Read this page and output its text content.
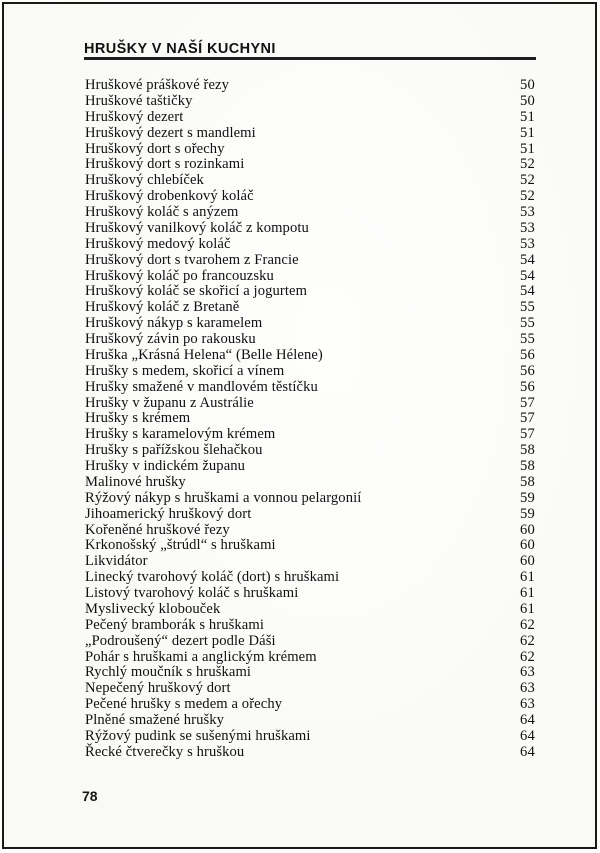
HRUŠKY V NAŠÍ KUCHYNI
Hruškové práškové řezy	50
Hruškové taštičky	50
Hruškový dezert	51
Hruškový dezert s mandlemi	51
Hruškový dort s ořechy	51
Hruškový dort s rozinkami	52
Hruškový chlebíček	52
Hruškový drobenkový koláč	52
Hruškový koláč s anýzem	53
Hruškový vanilkový koláč z kompotu	53
Hruškový medový koláč	53
Hruškový dort s tvarohem z Francie	54
Hruškový koláč po francouzsku	54
Hruškový koláč se skořicí a jogurtem	54
Hruškový koláč z Bretaně	55
Hruškový nákyp s karamelem	55
Hruškový závin po rakousku	55
Hruška „Krásná Helena“ (Belle Hélene)	56
Hrušky s medem, skořicí a vínem	56
Hrušky smažené v mandlovém těstíčku	56
Hrušky v županu z Austrálie	57
Hrušky s krémem	57
Hrušky s karamelovým krémem	57
Hrušky s pařížskou šlehačkou	58
Hrušky v indickém županu	58
Malinové hrušky	58
Rýžový nákyp s hruškami a vonnou pelargonií	59
Jihoamerický hruškový dort	59
Kořeněné hruškové řezy	60
Krkonošský „štrúdl“ s hruškami	60
Likvidátor	60
Linecký tvarohový koláč (dort) s hruškami	61
Listový tvarohový koláč s hruškami	61
Myslivecký klobouček	61
Pečený bramborák s hruškami	62
„Podroušený“ dezert podle Dáši	62
Pohár s hruškami a anglickým krémem	62
Rychlý moučník s hruškami	63
Nepečený hruškový dort	63
Pečené hrušky s medem a ořechy	63
Plněné smažené hrušky	64
Rýžový pudink se sušenými hruškami	64
Řecké čtverečky s hruškou	64
78
